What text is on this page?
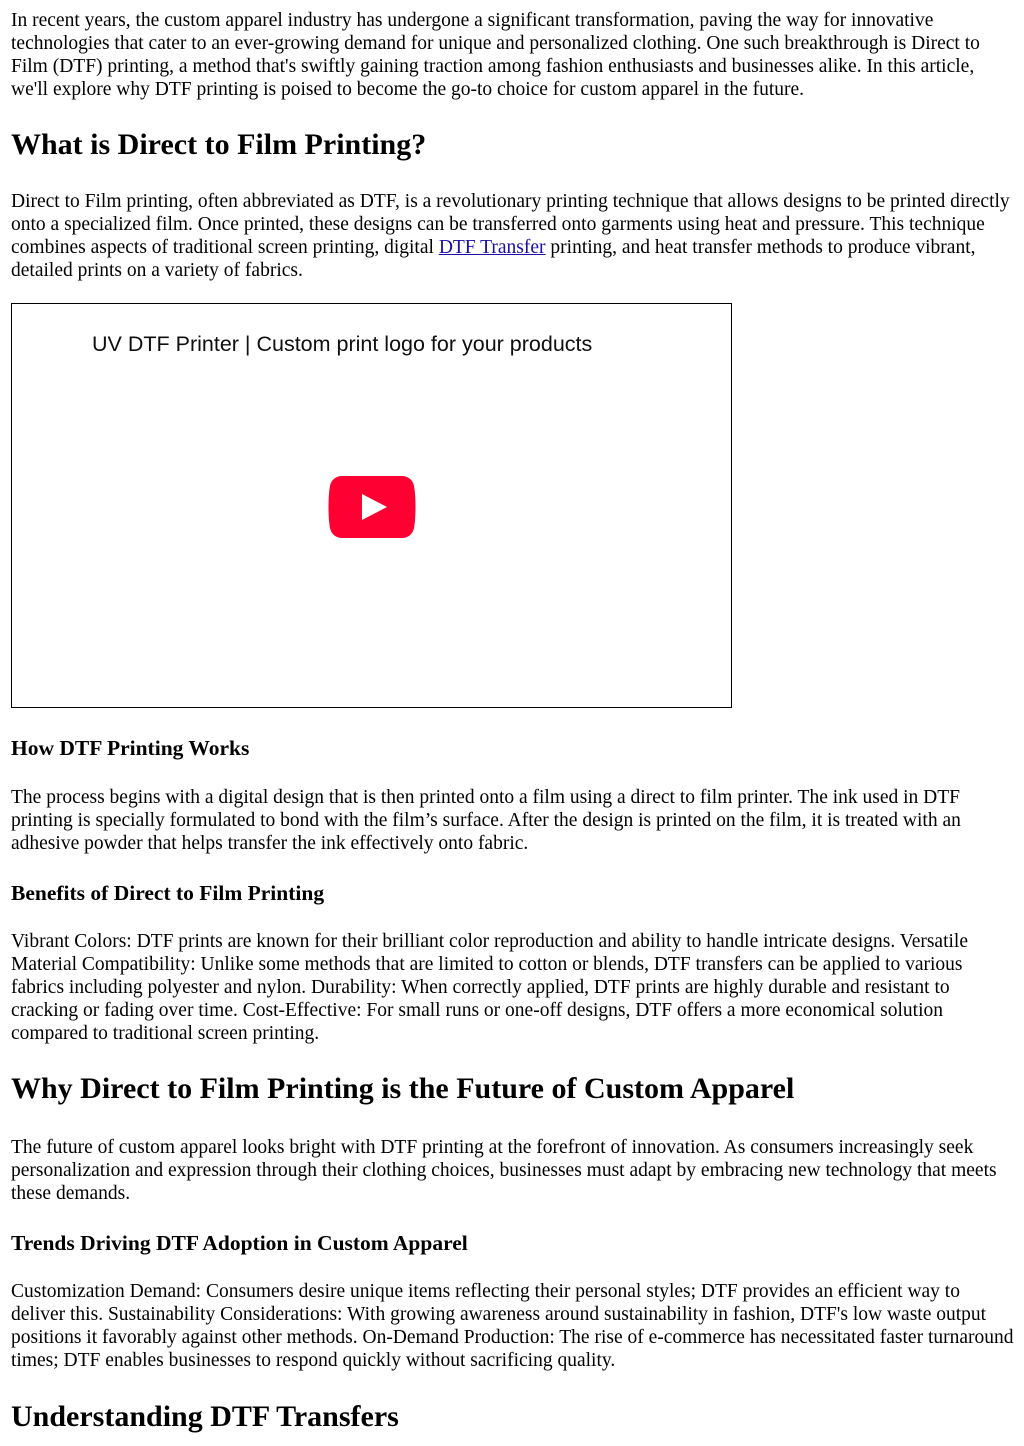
In recent years, the custom apparel industry has undergone a significant transformation, paving the way for innovative technologies that cater to an ever-growing demand for unique and personalized clothing. One such breakthrough is Direct to Film (DTF) printing, a method that's swiftly gaining traction among fashion enthusiasts and businesses alike. In this article, we'll explore why DTF printing is poised to become the go-to choice for custom apparel in the future.

What is Direct to Film Printing?

Direct to Film printing, often abbreviated as DTF, is a revolutionary printing technique that allows designs to be printed directly onto a specialized film. Once printed, these designs can be transferred onto garments using heat and pressure. This technique combines aspects of traditional screen printing, digital DTF Transfer printing, and heat transfer methods to produce vibrant, detailed prints on a variety of fabrics.

UV DTF Printer | Custom print logo for your products
How DTF Printing Works

The process begins with a digital design that is then printed onto a film using a direct to film printer. The ink used in DTF printing is specially formulated to bond with the film’s surface. After the design is printed on the film, it is treated with an adhesive powder that helps transfer the ink effectively onto fabric.

Benefits of Direct to Film Printing

Vibrant Colors: DTF prints are known for their brilliant color reproduction and ability to handle intricate designs. Versatile Material Compatibility: Unlike some methods that are limited to cotton or blends, DTF transfers can be applied to various fabrics including polyester and nylon. Durability: When correctly applied, DTF prints are highly durable and resistant to cracking or fading over time. Cost-Effective: For small runs or one-off designs, DTF offers a more economical solution compared to traditional screen printing.

Why Direct to Film Printing is the Future of Custom Apparel

The future of custom apparel looks bright with DTF printing at the forefront of innovation. As consumers increasingly seek personalization and expression through their clothing choices, businesses must adapt by embracing new technology that meets these demands.

Trends Driving DTF Adoption in Custom Apparel

Customization Demand: Consumers desire unique items reflecting their personal styles; DTF provides an efficient way to deliver this. Sustainability Considerations: With growing awareness around sustainability in fashion, DTF's low waste output positions it favorably against other methods. On-Demand Production: The rise of e-commerce has necessitated faster turnaround times; DTF enables businesses to respond quickly without sacrificing quality.

Understanding DTF Transfers
